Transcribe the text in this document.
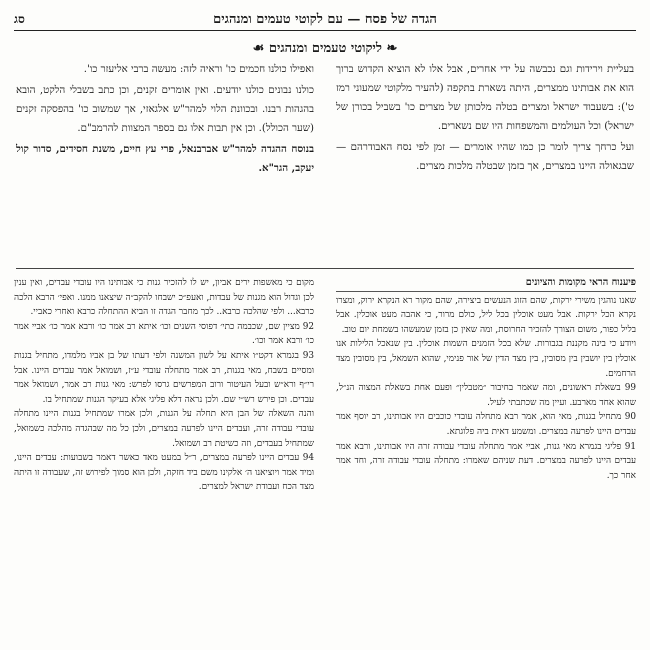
הגדה של פסח — עם לקוטי טעמים ומנהגים
סג
❧ ליקוטי טעמים ומנהגים ☙

בעליית וירידות וגם נכבשה על ידי אחרים, אבל אלו לא הוציא הקדוש ברוך הוא את אבותינו ממצרים, היתה נשארת בתקפה (להעיר מלקוטי שמעוני רמז ט'): בשעבוד ישראל ומצרים בטלה מלכותן של מצרים כו' בשביל בכורן של ישראל) וכל העולמים והמשפחות היו שם נשארים.

ועל כרחך צריך לומר כן כמו שהיו אומרים — זמן לפי נסח האבודרהם — שבגאולה היינו במצרים, אך בזמן שבטלה מלכות מצרים.

ואפילו כולנו חכמים כו' וראיה לזה: מעשה ברבי אליעזר כו'.

כולנו נבונים כולנו יודעים. ואין אומרים זקנים, וכן כתב בשבלי הלקט, הובא בהגהות רבנו. ובכוונת הלוי למהר"ש אלגאזי, אך שמשוב כו' בהפסקה זקנים (שער הכולל). וכן אין תבות אלו גם בספר המצוות להרמב"ם.

בנוסח ההגדה למהר"ש אברבנאל, פרי עץ חיים, משנת חסידים, סדור קול יעקב, הגר"א.

פיענוח הראי מקומות והציונים

שאנו נוהגין משירי ירקות, שהם הזוג הנעשים ביצירה, שהם מקור רא הנקרא ירוק, ומצרו נקרא הכל ירקות. אבל מעט אוכלין בכל ליל, כולם מרור, כי אהבה מעט אוכלין. אבל בליל כפור, משום הצורך להזכיר החרוסת, ומה שאין כן בזמן שמעשהו בשמחת יום טוב.

ויודע כי בינה מקננת בגבורות. שלא בכל הזמנים השמות אוכלין. בין שנאכל הלילות אנו אוכלין בין יושבין בין מסובין, בין מצד הדין של אור פנימי, שהוא השמאל, בין מסובין מצד הרחמים.

99 בשאלת ראשונים, ומה שאמר בחיבור ״מטבלין״ ופעם אחת בשאלת המצוה הנ״ל, שהוא אחד מארבע. ועיין מה שכתבתי לעיל.

90 מתחיל בגנות, מאי הוא, אמר רבא מתחלה עובדי כוכבים היו אבותינו, רב יוסף אמר עבדים היינו לפרעה במצרים. ומשמע דאית ביה פלוגתא.

91 פליגי בגמרא מאי גנות, אביי אמר מתחלה עובדי עבודה זרה היו אבותינו, ורבא אמר עבדים היינו לפרעה במצרים. דעת שניהם שאמרו: מתחלה עובדי עבודה זרה, וחד אמר אחר כך.

מקום כי מאשפות ירים אביון, יש לו להזכיר גנות כי אבותינו היו עובדי עבדים, ואין ענין לכן וגדול הוא מגנות של עבדות, ואעפ״כ ישבחו להקב״ה שיצאנו ממנו. ואפי׳ הרבא הלכה כרבא... ולפי שהלכה כרבא.. לכך מחבר הגדה זו הביא ההתחלה כרבא ואחרי כאביי.

92 מציין שם, שכבמה כתי׳ דפוסי השנים וכו׳ איתא רב אמר כו׳ ורבא אמר כו׳ אביי אמר כו׳ ורבא אמר וכו׳.

93 בגמרא דקט״ו איתא על לשון המשנה ולפי דעתו של בן אביו מלמדו, מתחיל בגנות ומסיים בשבח, מאי בגנות, רב אמר מתחלה עובדי ע״ז, ושמואל אמר עבדים היינו. אבל רי״ף ורא״ש ובעל העיטור ורוב המפרשים גרסו לפרש: מאי גנות רב אמר, ושמואל אמר עבדים. וכן פירש רש״י שם. ולכן נראה דלא פליגי אלא בעיקר הגנות שמתחיל בו.

והנה השאלה של הבן היא תחלה על הגנות, ולכן אמרו שמתחיל בגנות היינו מתחלה עובדי עבודה זרה, ועבדים היינו לפרעה במצרים, ולכן כל מה שבהגדה מהלכה כשמואל, שמתחיל בעבדים, וזה כשיטת רב ושמואל.

94 עבדים היינו לפרעה במצרים, ר״ל במעט מאד כאשר דאמר בשבועות: עבדים היינו, ומיד אמר ויוציאנו ה׳ אלקינו משם ביד חזקה, ולכן הוא סמוך לפירוש זה, שעבודה זו היתה מצד הכח ועבודת ישראל למצרים.
